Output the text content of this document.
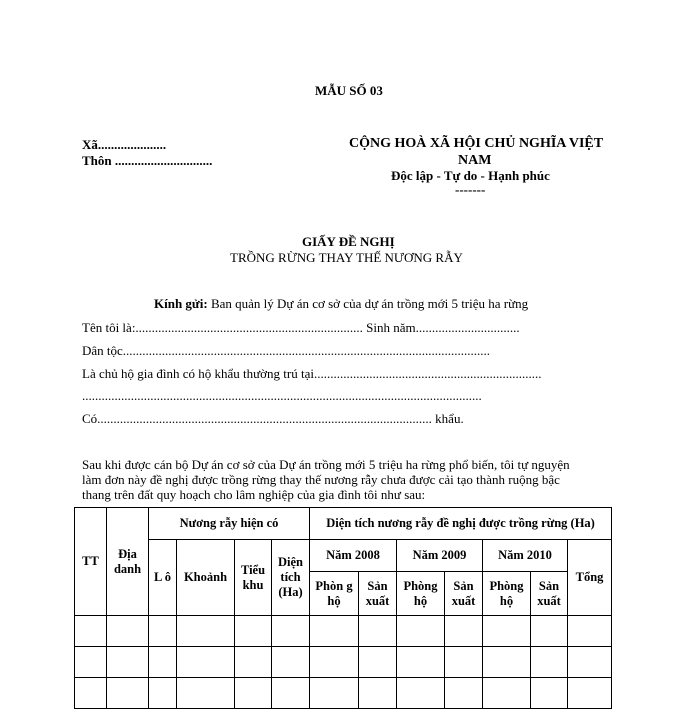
MẪU SỐ 03
Xã.....................
Thôn ..............................
CỘNG HOÀ XÃ HỘI CHỦ NGHĨA VIỆT
NAM
Độc lập - Tự do - Hạnh phúc
-------
GIẤY ĐỀ NGHỊ
TRỒNG RỪNG THAY THẾ NƯƠNG RẪY
Kính gửi: Ban quản lý Dự án cơ sở của dự án trồng mới 5 triệu ha rừng
Tên tôi là:...................................................................... Sinh năm................................
Dân tộc.................................................................................................................
Là chủ hộ gia đình có hộ khẩu thường trú tại......................................................................
...........................................................................................................................
Có....................................................................................................... khẩu.
Sau khi được cán bộ Dự án cơ sở của Dự án trồng mới 5 triệu ha rừng phổ biến, tôi tự nguyện
làm đơn này đề nghị được trồng rừng thay thế nương rẫy chưa được cải tạo thành ruộng bậc
thang trên đất quy hoạch cho lâm nghiệp của gia đình tôi như sau:
TT	Địa danh	Nương rẫy hiện có				Diện tích nương rẫy đề nghị được trồng rừng (Ha)						
		L ô	Khoảnh	Tiểu khu	Diện tích (Ha)	Năm 2008		Năm 2009		Năm 2010		Tổng
						Phòn g hộ	Sản xuất	Phòng hộ	Sản xuất	Phòng hộ	Sản xuất	
